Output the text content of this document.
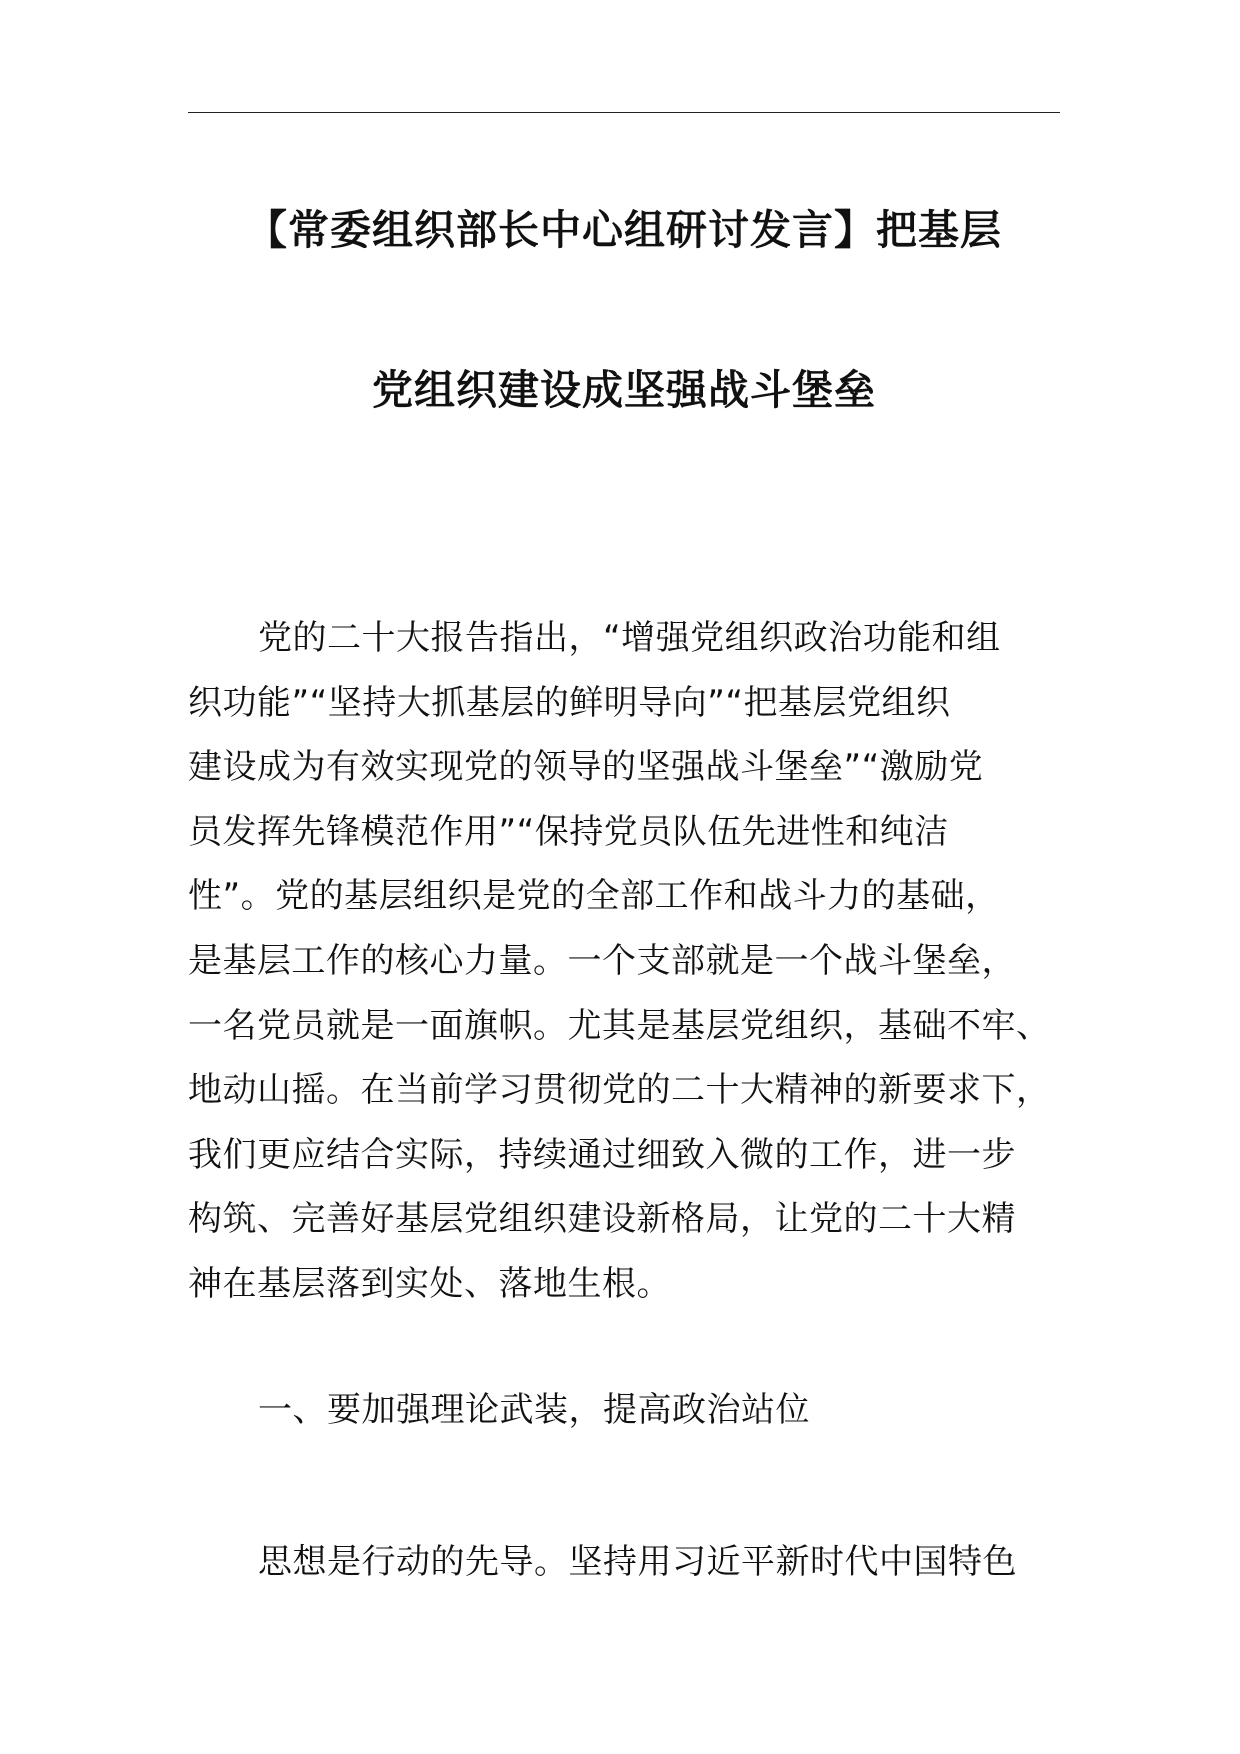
【常委组织部长中心组研讨发言】把基层
党组织建设成坚强战斗堡垒
党的二十大报告指出，“增强党组织政治功能和组
织功能”“坚持大抓基层的鲜明导向”“把基层党组织
建设成为有效实现党的领导的坚强战斗堡垒”“激励党
员发挥先锋模范作用”“保持党员队伍先进性和纯洁
性”。党的基层组织是党的全部工作和战斗力的基础，
是基层工作的核心力量。一个支部就是一个战斗堡垒，
一名党员就是一面旗帜。尤其是基层党组织，基础不牢、
地动山摇。在当前学习贯彻党的二十大精神的新要求下，
我们更应结合实际，持续通过细致入微的工作，进一步
构筑、完善好基层党组织建设新格局，让党的二十大精
神在基层落到实处、落地生根。
一、要加强理论武装，提高政治站位
思想是行动的先导。坚持用习近平新时代中国特色
